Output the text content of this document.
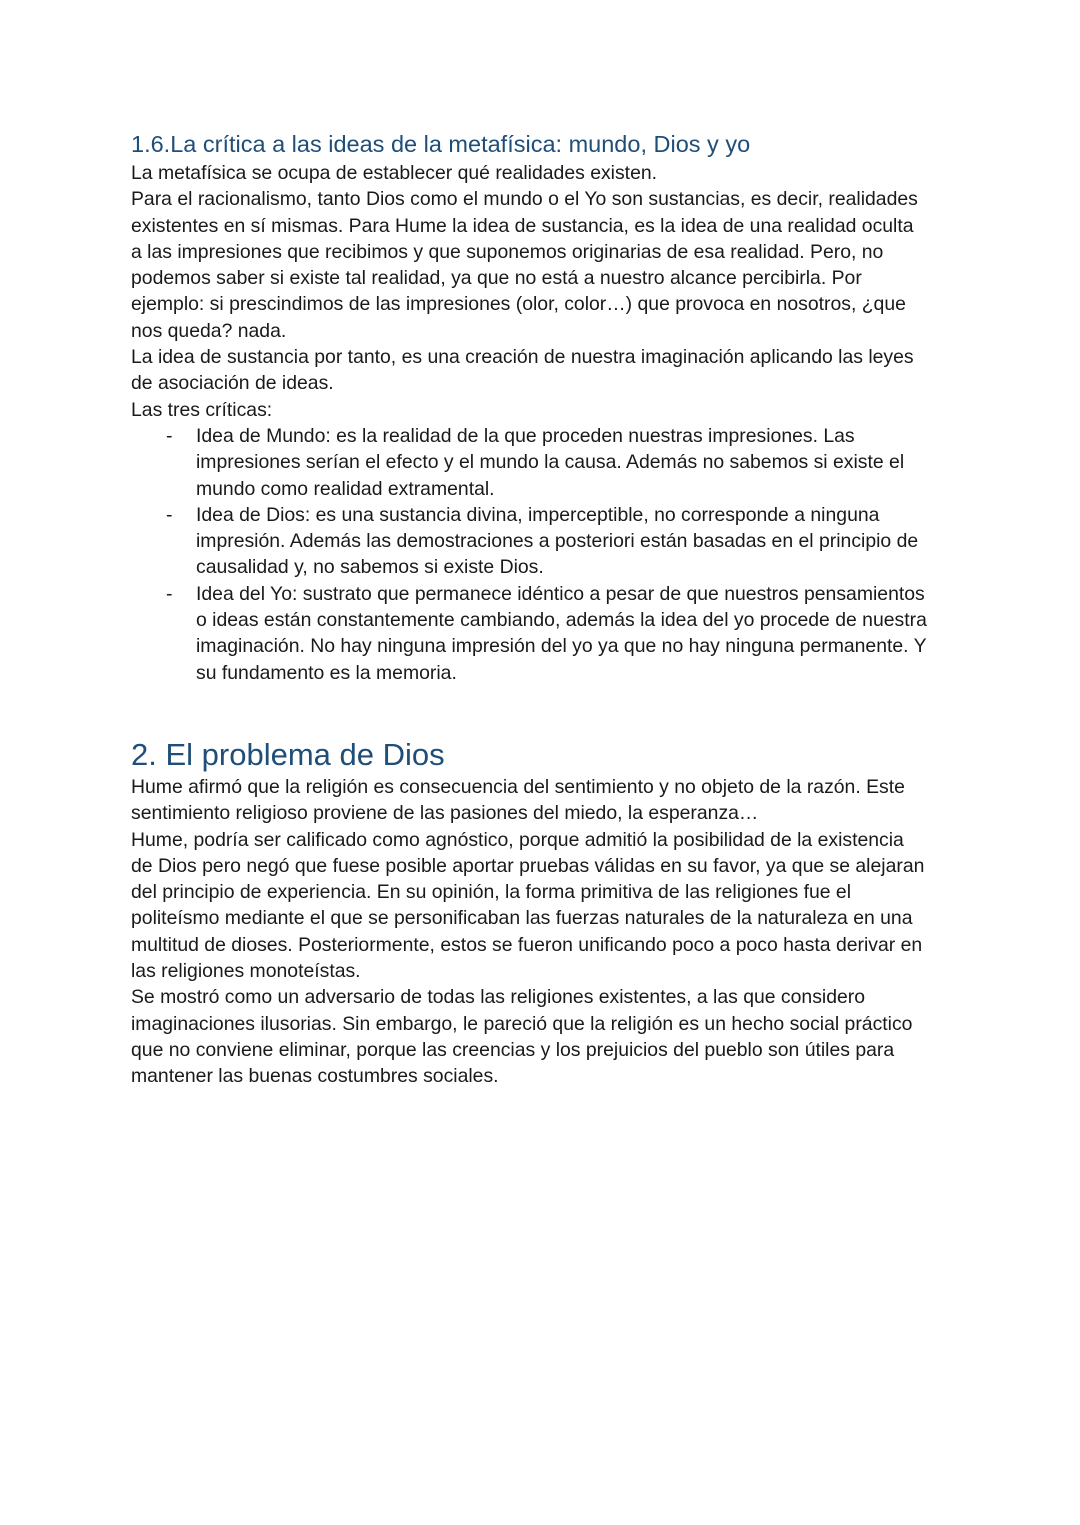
1.6.La crítica a las ideas de la metafísica: mundo, Dios y yo

La metafísica se ocupa de establecer qué realidades existen.

Para el racionalismo, tanto Dios como el mundo o el Yo son sustancias, es decir, realidades
existentes en sí mismas. Para Hume la idea de sustancia, es la idea de una realidad oculta
a las impresiones que recibimos y que suponemos originarias de esa realidad. Pero, no
podemos saber si existe tal realidad, ya que no está a nuestro alcance percibirla. Por
ejemplo: si prescindimos de las impresiones (olor, color…) que provoca en nosotros, ¿que
nos queda? nada.

La idea de sustancia por tanto, es una creación de nuestra imaginación aplicando las leyes
de asociación de ideas.

Las tres críticas:

- Idea de Mundo: es la realidad de la que proceden nuestras impresiones. Las
impresiones serían el efecto y el mundo la causa. Además no sabemos si existe el
mundo como realidad extramental.
- Idea de Dios: es una sustancia divina, imperceptible, no corresponde a ninguna
impresión. Además las demostraciones a posteriori están basadas en el principio de
causalidad y, no sabemos si existe Dios.
- Idea del Yo: sustrato que permanece idéntico a pesar de que nuestros pensamientos
o ideas están constantemente cambiando, además la idea del yo procede de nuestra
imaginación. No hay ninguna impresión del yo ya que no hay ninguna permanente. Y
su fundamento es la memoria.
2. El problema de Dios

Hume afirmó que la religión es consecuencia del sentimiento y no objeto de la razón. Este
sentimiento religioso proviene de las pasiones del miedo, la esperanza…

Hume, podría ser calificado como agnóstico, porque admitió la posibilidad de la existencia
de Dios pero negó que fuese posible aportar pruebas válidas en su favor, ya que se alejaran
del principio de experiencia. En su opinión, la forma primitiva de las religiones fue el
politeísmo mediante el que se personificaban las fuerzas naturales de la naturaleza en una
multitud de dioses. Posteriormente, estos se fueron unificando poco a poco hasta derivar en
las religiones monoteístas.

Se mostró como un adversario de todas las religiones existentes, a las que considero
imaginaciones ilusorias. Sin embargo, le pareció que la religión es un hecho social práctico
que no conviene eliminar, porque las creencias y los prejuicios del pueblo son útiles para
mantener las buenas costumbres sociales.
